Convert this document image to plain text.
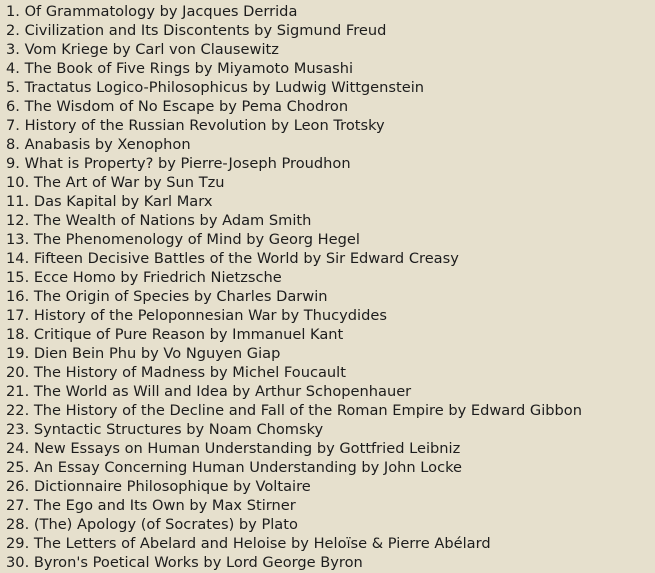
1. Of Grammatology by Jacques Derrida
2. Civilization and Its Discontents by Sigmund Freud
3. Vom Kriege by Carl von Clausewitz
4. The Book of Five Rings by Miyamoto Musashi
5. Tractatus Logico-Philosophicus by Ludwig Wittgenstein
6. The Wisdom of No Escape by Pema Chodron
7. History of the Russian Revolution by Leon Trotsky
8. Anabasis by Xenophon
9. What is Property? by Pierre-Joseph Proudhon
10. The Art of War by Sun Tzu
11. Das Kapital by Karl Marx
12. The Wealth of Nations by Adam Smith
13. The Phenomenology of Mind by Georg Hegel
14. Fifteen Decisive Battles of the World by Sir Edward Creasy
15. Ecce Homo by Friedrich Nietzsche
16. The Origin of Species by Charles Darwin
17. History of the Peloponnesian War by Thucydides
18. Critique of Pure Reason by Immanuel Kant
19. Dien Bein Phu by Vo Nguyen Giap
20. The History of Madness by Michel Foucault
21. The World as Will and Idea by Arthur Schopenhauer
22. The History of the Decline and Fall of the Roman Empire by Edward Gibbon
23. Syntactic Structures by Noam Chomsky
24. New Essays on Human Understanding by Gottfried Leibniz
25. An Essay Concerning Human Understanding by John Locke
26. Dictionnaire Philosophique by Voltaire
27. The Ego and Its Own by Max Stirner
28. (The) Apology (of Socrates) by Plato
29. The Letters of Abelard and Heloise by Heloïse & Pierre Abélard
30. Byron's Poetical Works by Lord George Byron
